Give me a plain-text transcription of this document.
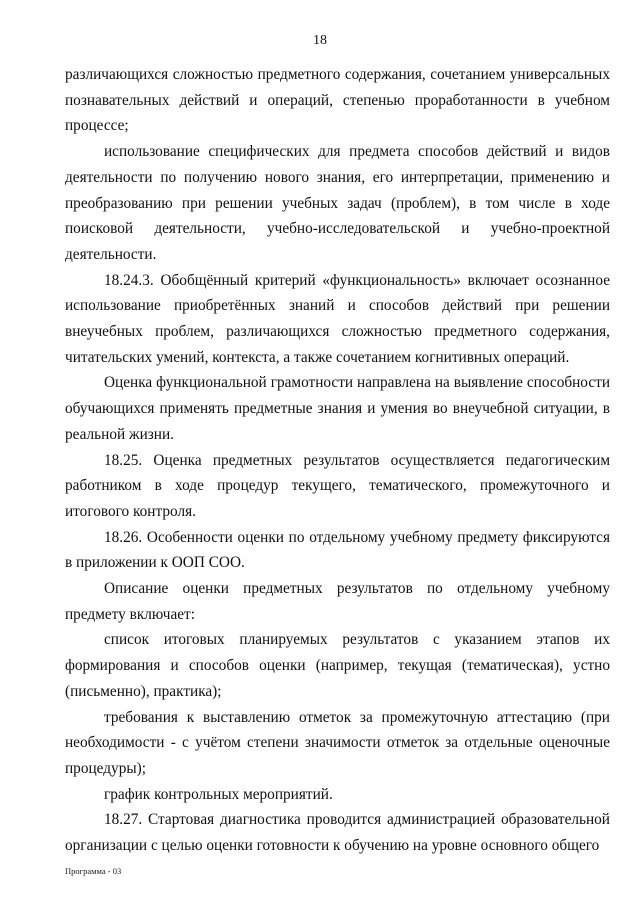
18

различающихся сложностью предметного содержания, сочетанием универсальных познавательных действий и операций, степенью проработанности в учебном процессе;

использование специфических для предмета способов действий и видов деятельности по получению нового знания, его интерпретации, применению и преобразованию при решении учебных задач (проблем), в том числе в ходе поисковой деятельности, учебно-исследовательской и учебно-проектной деятельности.

18.24.3. Обобщённый критерий «функциональность» включает осознанное использование приобретённых знаний и способов действий при решении внеучебных проблем, различающихся сложностью предметного содержания, читательских умений, контекста, а также сочетанием когнитивных операций.

Оценка функциональной грамотности направлена на выявление способности обучающихся применять предметные знания и умения во внеучебной ситуации, в реальной жизни.

18.25. Оценка предметных результатов осуществляется педагогическим работником в ходе процедур текущего, тематического, промежуточного и итогового контроля.

18.26. Особенности оценки по отдельному учебному предмету фиксируются в приложении к ООП СОО.

Описание оценки предметных результатов по отдельному учебному предмету включает:

список итоговых планируемых результатов с указанием этапов их формирования и способов оценки (например, текущая (тематическая), устно (письменно), практика);

требования к выставлению отметок за промежуточную аттестацию (при необходимости - с учётом степени значимости отметок за отдельные оценочные процедуры);

график контрольных мероприятий.

18.27. Стартовая диагностика проводится администрацией образовательной организации с целью оценки готовности к обучению на уровне основного общего

Программа - 03
